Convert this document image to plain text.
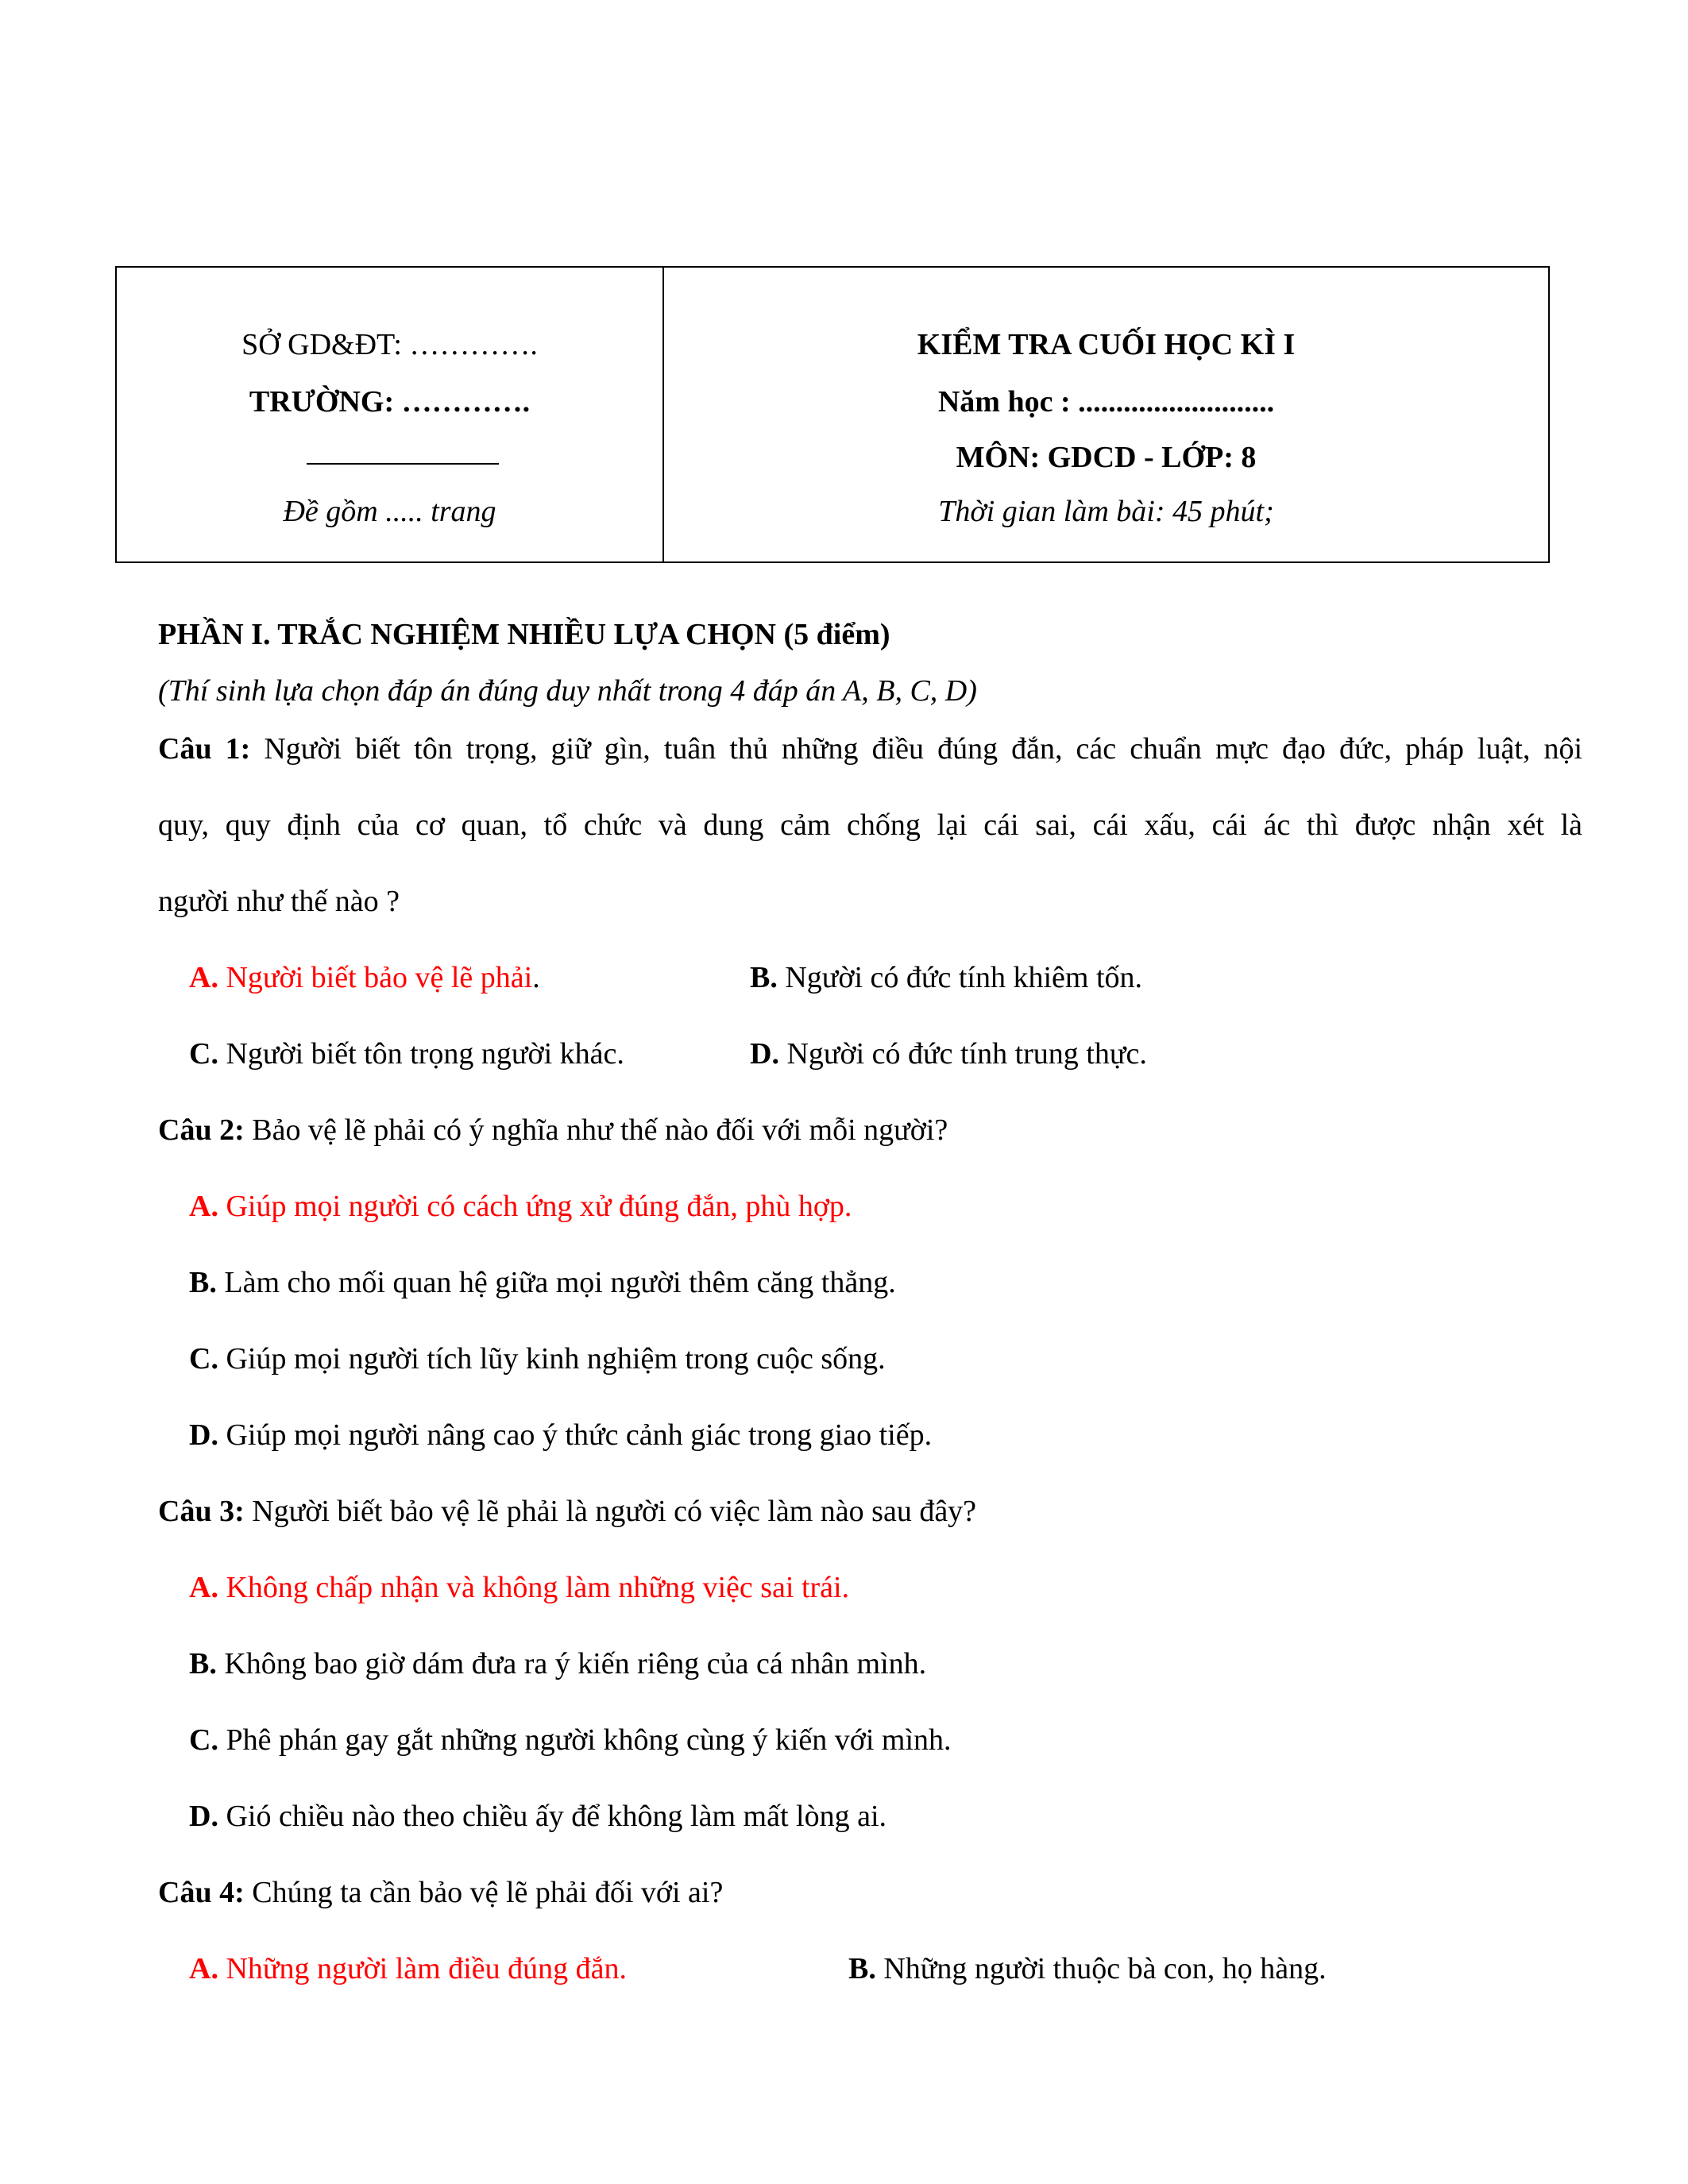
SỞ GD&ĐT: ………….
TRƯỜNG: ………….
Đề gồm ..... trang
KIỂM TRA CUỐI HỌC KÌ I
Năm học : ..........................
MÔN: GDCD - LỚP: 8
Thời gian làm bài: 45 phút;
PHẦN I. TRẮC NGHIỆM NHIỀU LỰA CHỌN (5 điểm)
(Thí sinh lựa chọn đáp án đúng duy nhất trong 4 đáp án A, B, C, D)
Câu 1: Người biết tôn trọng, giữ gìn, tuân thủ những điều đúng đắn, các chuẩn mực đạo đức, pháp luật, nội
quy, quy định của cơ quan, tổ chức và dung cảm chống lại cái sai, cái xấu, cái ác thì được nhận xét là
người như thế nào ?
A. Người biết bảo vệ lẽ phải.	B. Người có đức tính khiêm tốn.
C. Người biết tôn trọng người khác.	D. Người có đức tính trung thực.
Câu 2: Bảo vệ lẽ phải có ý nghĩa như thế nào đối với mỗi người?
A. Giúp mọi người có cách ứng xử đúng đắn, phù hợp.
B. Làm cho mối quan hệ giữa mọi người thêm căng thẳng.
C. Giúp mọi người tích lũy kinh nghiệm trong cuộc sống.
D. Giúp mọi người nâng cao ý thức cảnh giác trong giao tiếp.
Câu 3: Người biết bảo vệ lẽ phải là người có việc làm nào sau đây?
A. Không chấp nhận và không làm những việc sai trái.
B. Không bao giờ dám đưa ra ý kiến riêng của cá nhân mình.
C. Phê phán gay gắt những người không cùng ý kiến với mình.
D. Gió chiều nào theo chiều ấy để không làm mất lòng ai.
Câu 4: Chúng ta cần bảo vệ lẽ phải đối với ai?
A. Những người làm điều đúng đắn.	B. Những người thuộc bà con, họ hàng.
